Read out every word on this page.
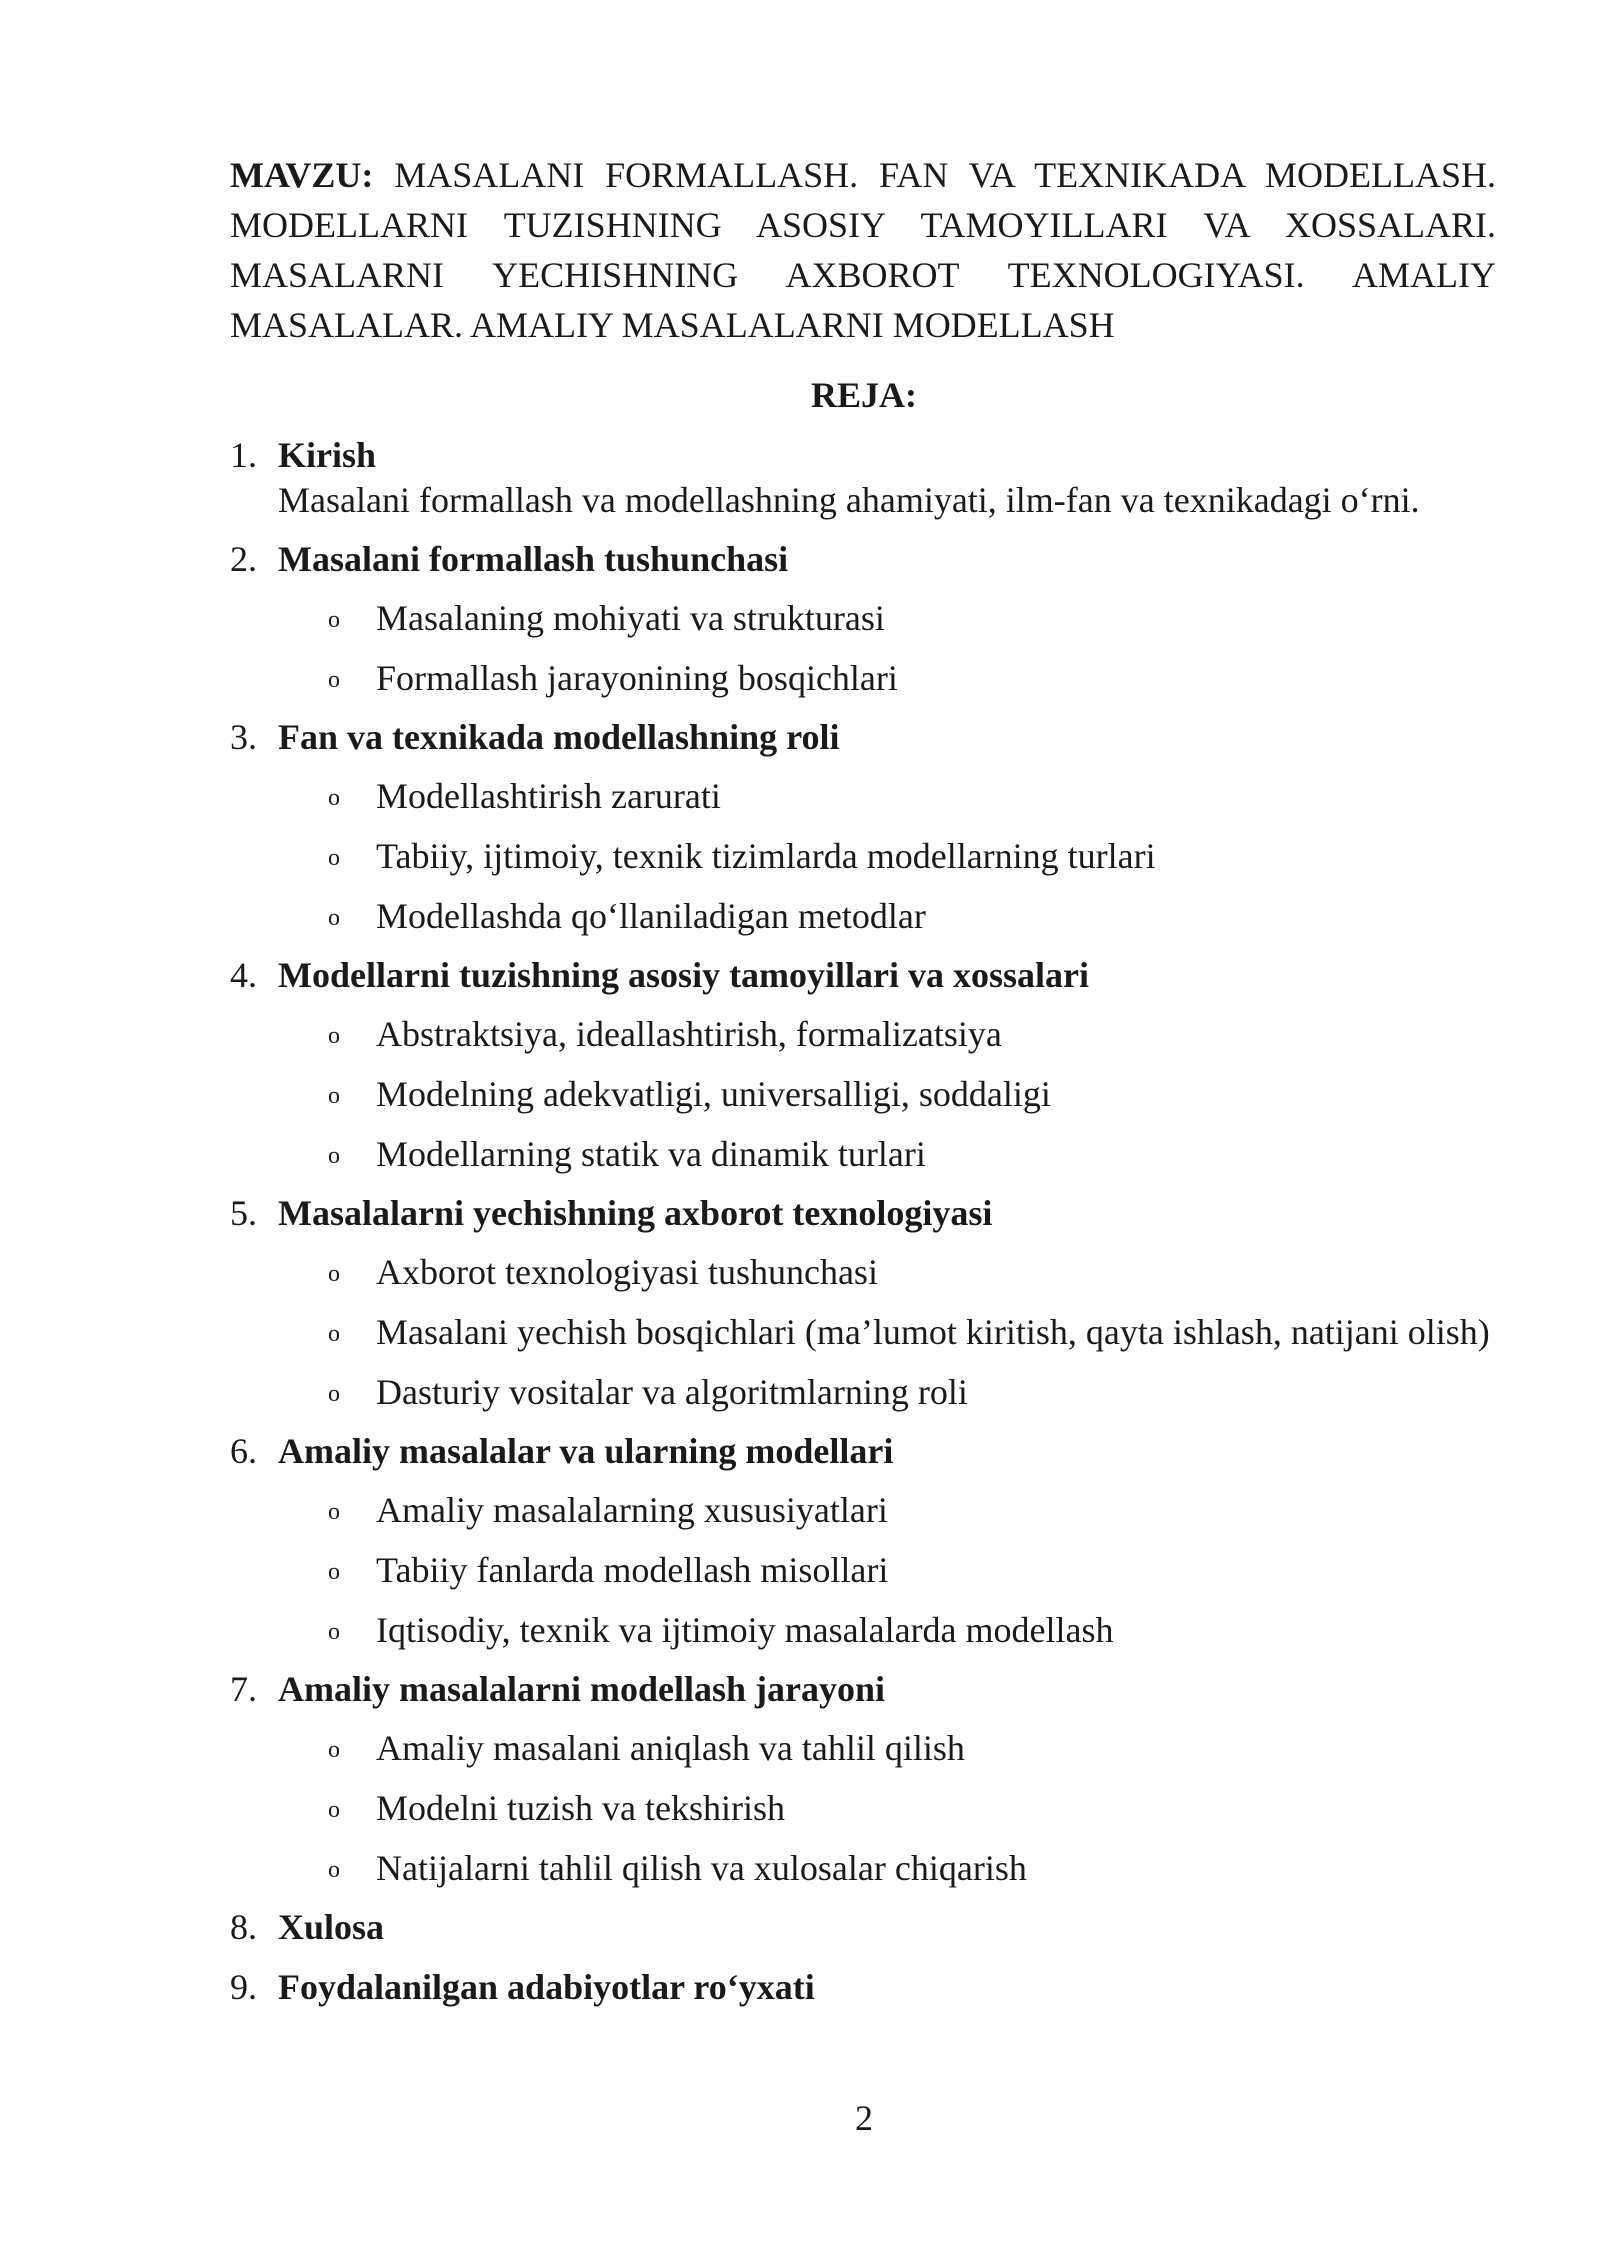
MAVZU: MASALANI FORMALLASH. FAN VA TEXNIKADA MODELLASH. MODELLARNI TUZISHNING ASOSIY TAMOYILLARI VA XOSSALARI. MASALARNI YECHISHNING AXBOROT TEXNOLOGIYASI. AMALIY MASALALAR. AMALIY MASALALARNI MODELLASH

REJA:
1. Kirish
Masalani formallash va modellashning ahamiyati, ilm-fan va texnikadagi o‘rni.
2. Masalani formallash tushunchasi
o Masalaning mohiyati va strukturasi
o Formallash jarayonining bosqichlari
3. Fan va texnikada modellashning roli
o Modellashtirish zarurati
o Tabiiy, ijtimoiy, texnik tizimlarda modellarning turlari
o Modellashda qo‘llaniladigan metodlar
4. Modellarni tuzishning asosiy tamoyillari va xossalari
o Abstraktsiya, ideallashtirish, formalizatsiya
o Modelning adekvatligi, universalligi, soddaligi
o Modellarning statik va dinamik turlari
5. Masalalarni yechishning axborot texnologiyasi
o Axborot texnologiyasi tushunchasi
o Masalani yechish bosqichlari (ma’lumot kiritish, qayta ishlash, natijani olish)
o Dasturiy vositalar va algoritmlarning roli
6. Amaliy masalalar va ularning modellari
o Amaliy masalalarning xususiyatlari
o Tabiiy fanlarda modellash misollari
o Iqtisodiy, texnik va ijtimoiy masalalarda modellash
7. Amaliy masalalarni modellash jarayoni
o Amaliy masalani aniqlash va tahlil qilish
o Modelni tuzish va tekshirish
o Natijalarni tahlil qilish va xulosalar chiqarish
8. Xulosa
9. Foydalanilgan adabiyotlar ro‘yxati

2
